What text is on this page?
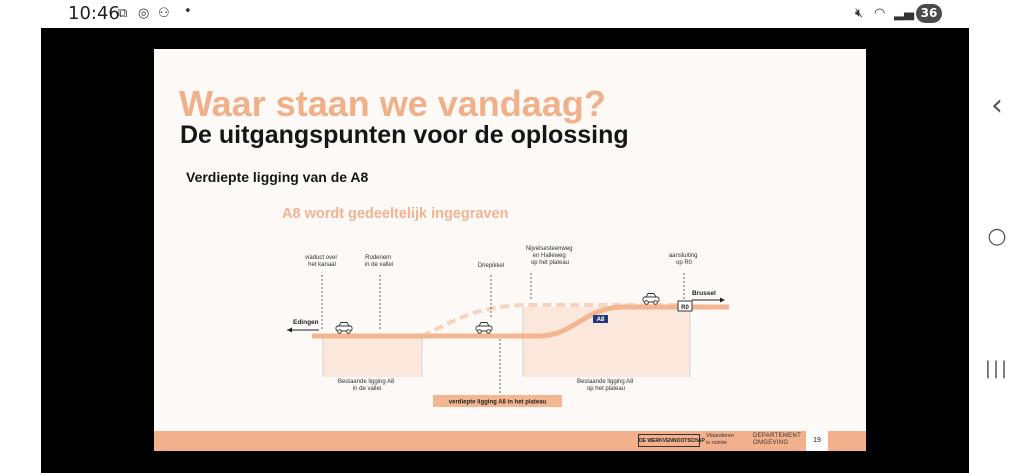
10:46
⧉ ◎ ⚇ •	🔇︎ ◠ ▂▄ 36
‹
○
|||
Waar staan we vandaag?
De uitgangspunten voor de oplossing
Verdiepte ligging van de A8
A8 wordt gedeeltelijk ingegraven
viaduct over het kanaal
Rodenem in de vallei	Driepikkel
Nijvelsesteenweg en Halleweg op het plateau
aansluiting op R0
Edingen
Brussel
A8
R0
Bestaande ligging A8 in de vallei
Bestaande ligging A8 op het plateau
verdiepte ligging A8 in het plateau
DE WERKVENNOOTSCHAP
Vlaanderen
is ruimte
DEPARTEMENT
OMGEVING	19
